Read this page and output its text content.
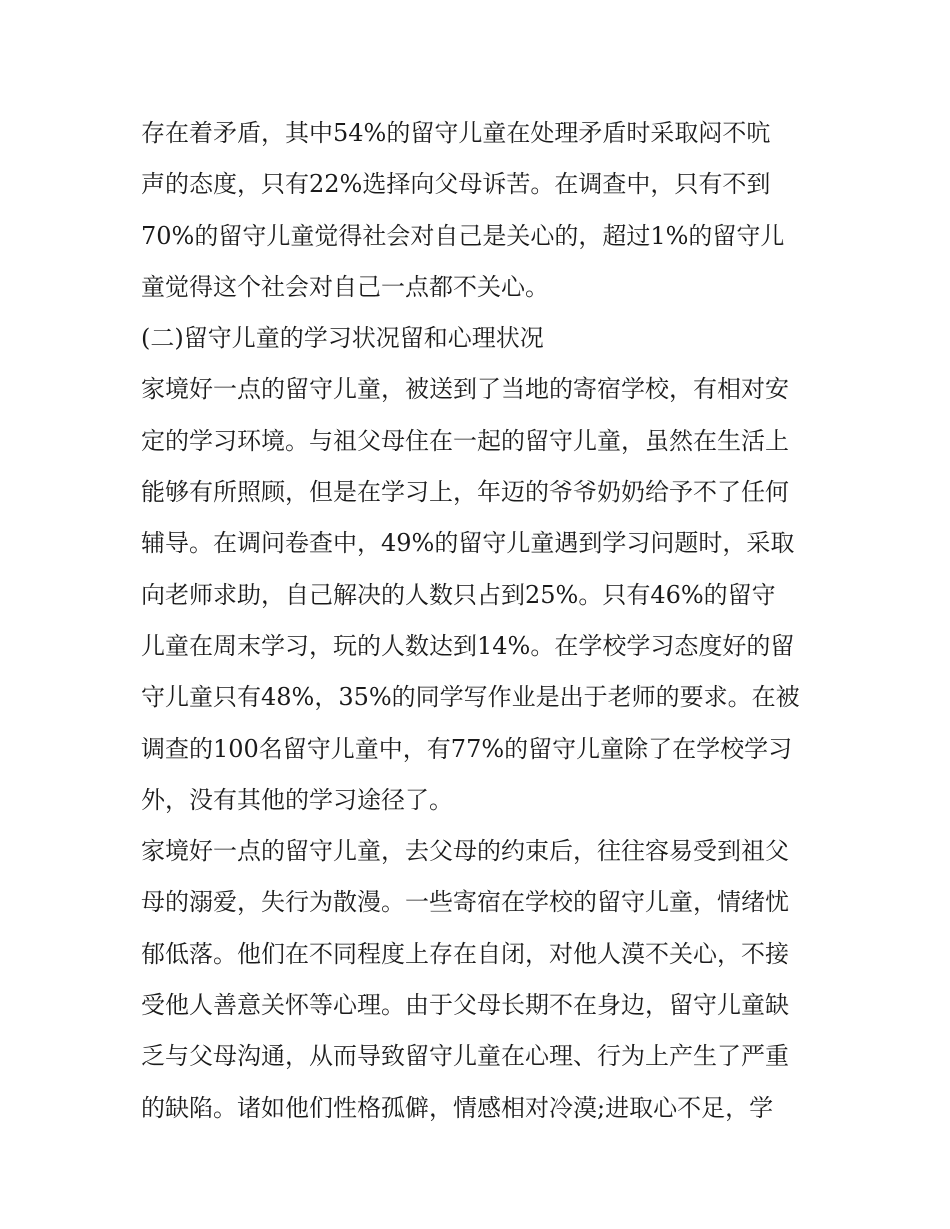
存在着矛盾，其中54%的留守儿童在处理矛盾时采取闷不吭
声的态度，只有22%选择向父母诉苦。在调查中，只有不到
70%的留守儿童觉得社会对自己是关心的，超过1%的留守儿
童觉得这个社会对自己一点都不关心。
(二)留守儿童的学习状况留和心理状况
家境好一点的留守儿童，被送到了当地的寄宿学校，有相对安
定的学习环境。与祖父母住在一起的留守儿童，虽然在生活上
能够有所照顾，但是在学习上，年迈的爷爷奶奶给予不了任何
辅导。在调问卷查中，49%的留守儿童遇到学习问题时，采取
向老师求助，自己解决的人数只占到25%。只有46%的留守
儿童在周末学习，玩的人数达到14%。在学校学习态度好的留
守儿童只有48%，35%的同学写作业是出于老师的要求。在被
调查的100名留守儿童中，有77%的留守儿童除了在学校学习
外，没有其他的学习途径了。
家境好一点的留守儿童，去父母的约束后，往往容易受到祖父
母的溺爱，失行为散漫。一些寄宿在学校的留守儿童，情绪忧
郁低落。他们在不同程度上存在自闭，对他人漠不关心，不接
受他人善意关怀等心理。由于父母长期不在身边，留守儿童缺
乏与父母沟通，从而导致留守儿童在心理、行为上产生了严重
的缺陷。诸如他们性格孤僻，情感相对冷漠;进取心不足，学
